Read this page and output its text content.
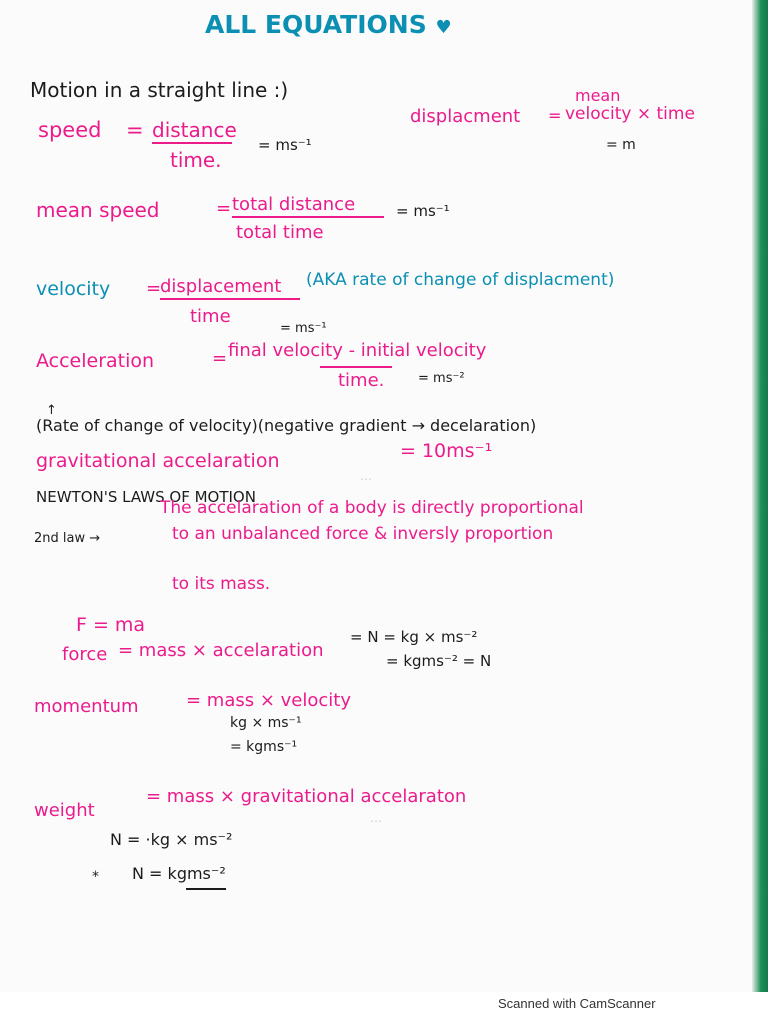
ALL EQUATIONS ♥
Motion in a straight line :)
speed = distance
time.
= ms⁻¹
mean
displacment = velocity × time
= m
mean speed	= total distance
total time
= ms⁻¹
velocity =
displacement
time
(AKA rate of change of displacment)
= ms⁻¹
Acceleration	= final velocity - initial velocity
time.	= ms⁻²
↑
(Rate of change of velocity)(negative gradient → decelaration)
gravitational accelaration	= 10ms⁻¹
…
NEWTON'S LAWS OF MOTION
2nd law →
The accelaration of a body is directly proportional
to an unbalanced force & inversly proportion
to its mass.
F = ma
force = mass × accelaration
= N = kg × ms⁻²
= kgms⁻² = N
momentum	= mass × velocity
kg × ms⁻¹
= kgms⁻¹
weight
= mass × gravitational accelaraton
N = ·kg × ms⁻²
* N = kgms⁻²
…
Scanned with CamScanner
